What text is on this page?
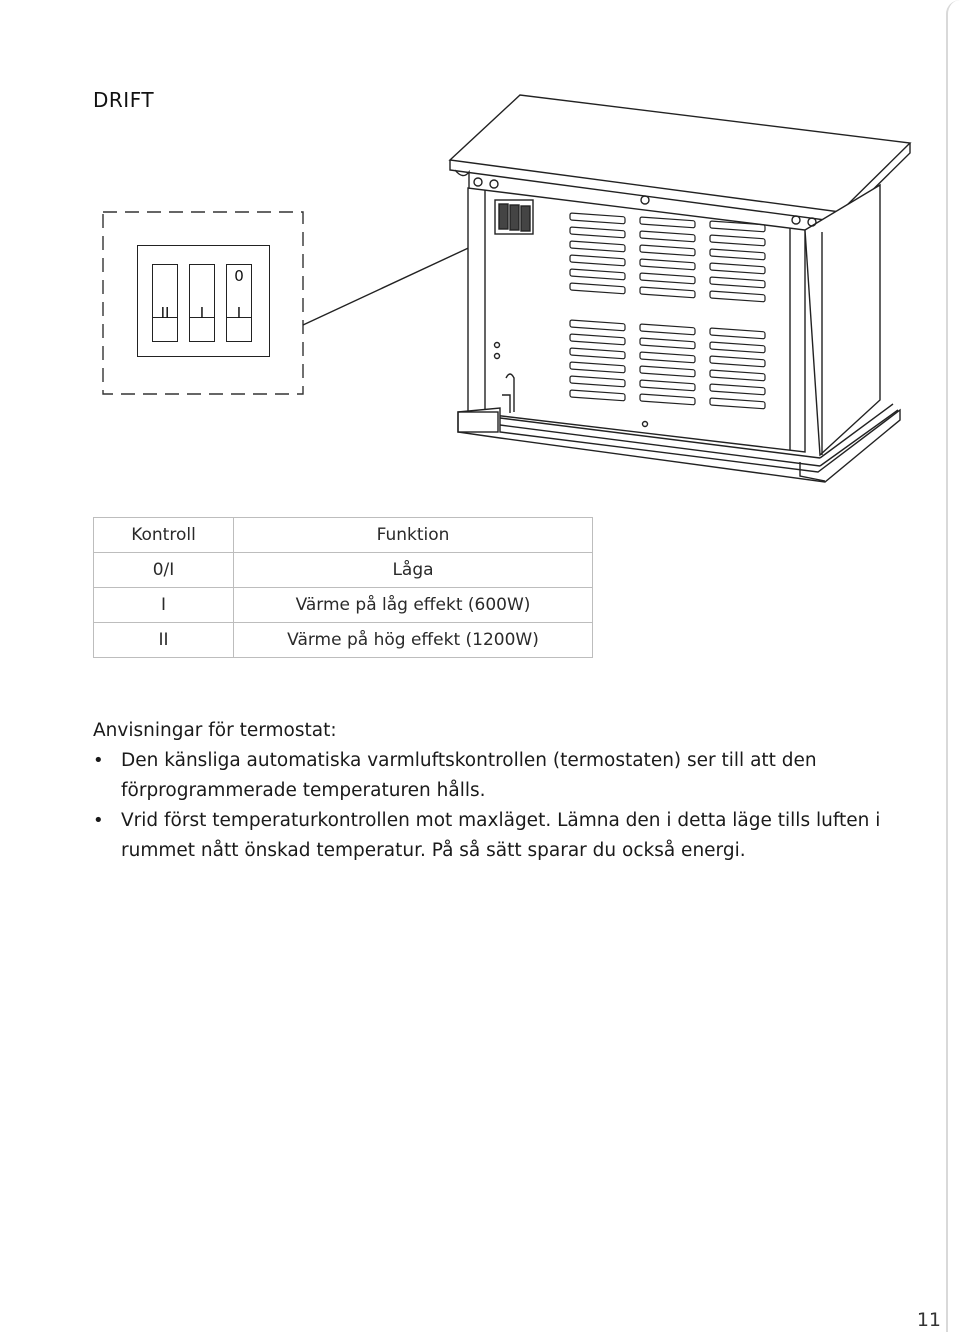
DRIFT
II	I
0
I
Kontroll	Funktion
0/I	Låga
I	Värme på låg effekt (600W)
II	Värme på hög effekt (1200W)
Anvisningar för termostat:
• Den känsliga automatiska varmluftskontrollen (termostaten) ser till att den förprogrammerade temperaturen hålls.
• Vrid först temperaturkontrollen mot maxläget. Lämna den i detta läge tills luften i rummet nått önskad temperatur. På så sätt sparar du också energi.
11
